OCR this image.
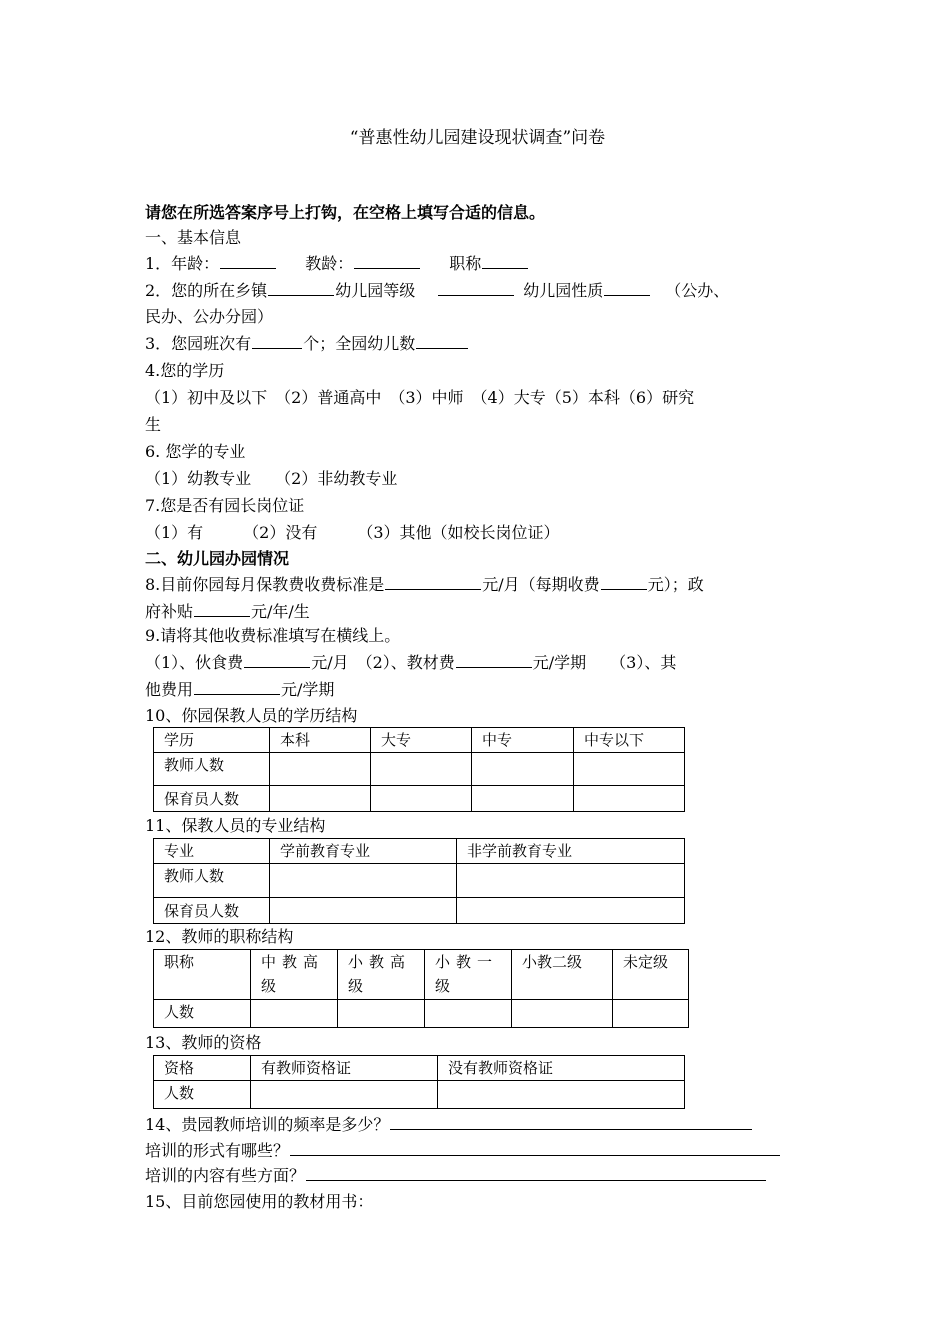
“普惠性幼儿园建设现状调查”问卷
请您在所选答案序号上打钩，在空格上填写合适的信息。
一、基本信息
1．年龄：	教龄：	职称
2．您的所在乡镇	幼儿园等级	幼儿园性质	（公办、
民办、公办分园）
3．您园班次有	个；全园幼儿数
4.您的学历
（1）初中及以下　（2）普通高中　（3）中师　（4）大专（5）本科（6）研究
生
6. 您学的专业
（1）幼教专业　　（2）非幼教专业
7.您是否有园长岗位证
（1）有　　　（2）没有　　　（3）其他（如校长岗位证）
二、幼儿园办园情况
8.目前你园每月保教费收费标准是	元/月（每期收费	元）；政
府补贴	元/年/生
9.请将其他收费标准填写在横线上。
（1）、伙食费	元/月　（2）、教材费	元/学期　　（3）、其
他费用	元/学期
10、你园保教人员的学历结构
学历	本科	大专	中专	中专以下
教师人数				
保育员人数				
11、保教人员的专业结构
专业	学前教育专业	非学前教育专业
教师人数		
保育员人数		
12、教师的职称结构
职称	中教高级	小教高级	小教一级	小教二级	未定级
人数					
13、教师的资格
资格	有教师资格证	没有教师资格证
人数		
14、贵园教师培训的频率是多少？
培训的形式有哪些？
培训的内容有些方面？
15、目前您园使用的教材用书：
